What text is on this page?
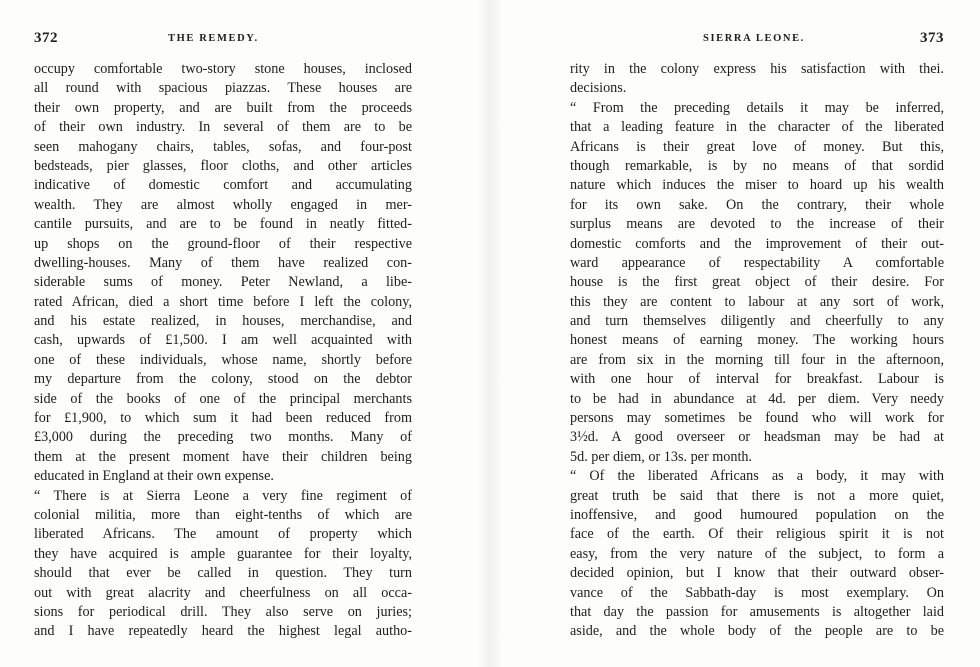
372	THE REMEDY.
occupy comfortable two-story stone houses, inclosed
all round with spacious piazzas. These houses are
their own property, and are built from the proceeds
of their own industry. In several of them are to be
seen mahogany chairs, tables, sofas, and four-post
bedsteads, pier glasses, floor cloths, and other articles
indicative of domestic comfort and accumulating
wealth. They are almost wholly engaged in mer-
cantile pursuits, and are to be found in neatly fitted-
up shops on the ground-floor of their respective
dwelling-houses. Many of them have realized con-
siderable sums of money. Peter Newland, a libe-
rated African, died a short time before I left the colony,
and his estate realized, in houses, merchandise, and
cash, upwards of £1,500. I am well acquainted with
one of these individuals, whose name, shortly before
my departure from the colony, stood on the debtor
side of the books of one of the principal merchants
for £1,900, to which sum it had been reduced from
£3,000 during the preceding two months. Many of
them at the present moment have their children being
educated in England at their own expense.
“ There is at Sierra Leone a very fine regiment of
colonial militia, more than eight-tenths of which are
liberated Africans. The amount of property which
they have acquired is ample guarantee for their loyalty,
should that ever be called in question. They turn
out with great alacrity and cheerfulness on all occa-
sions for periodical drill. They also serve on juries;
and I have repeatedly heard the highest legal autho-
SIERRA LEONE.	373
rity in the colony express his satisfaction with thei.
decisions.
“ From the preceding details it may be inferred,
that a leading feature in the character of the liberated
Africans is their great love of money. But this,
though remarkable, is by no means of that sordid
nature which induces the miser to hoard up his wealth
for its own sake. On the contrary, their whole
surplus means are devoted to the increase of their
domestic comforts and the improvement of their out-
ward appearance of respectability A comfortable
house is the first great object of their desire. For
this they are content to labour at any sort of work,
and turn themselves diligently and cheerfully to any
honest means of earning money. The working hours
are from six in the morning till four in the afternoon,
with one hour of interval for breakfast. Labour is
to be had in abundance at 4d. per diem. Very needy
persons may sometimes be found who will work for
3½d. A good overseer or headsman may be had at
5d. per diem, or 13s. per month.
“ Of the liberated Africans as a body, it may with
great truth be said that there is not a more quiet,
inoffensive, and good humoured population on the
face of the earth. Of their religious spirit it is not
easy, from the very nature of the subject, to form a
decided opinion, but I know that their outward obser-
vance of the Sabbath-day is most exemplary. On
that day the passion for amusements is altogether laid
aside, and the whole body of the people are to be
